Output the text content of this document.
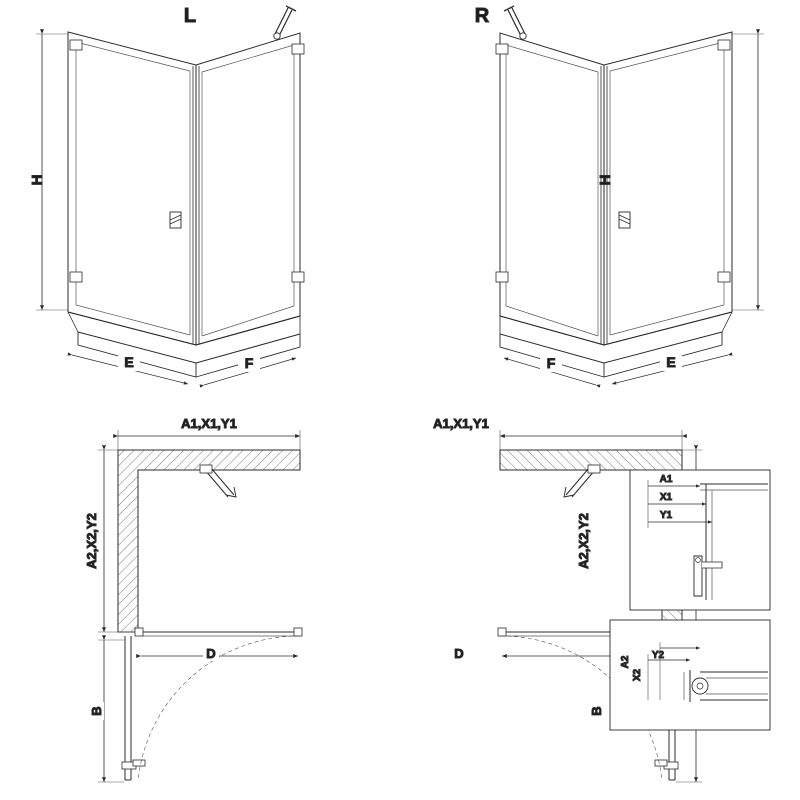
H
E	F
L
H
E
F
R
A1,X1,Y1
A2,X2,Y2
D
B
A1,X1,Y1
A2,X2,Y2
D
B
A1
X1
Y1
A2
X2
Y2
